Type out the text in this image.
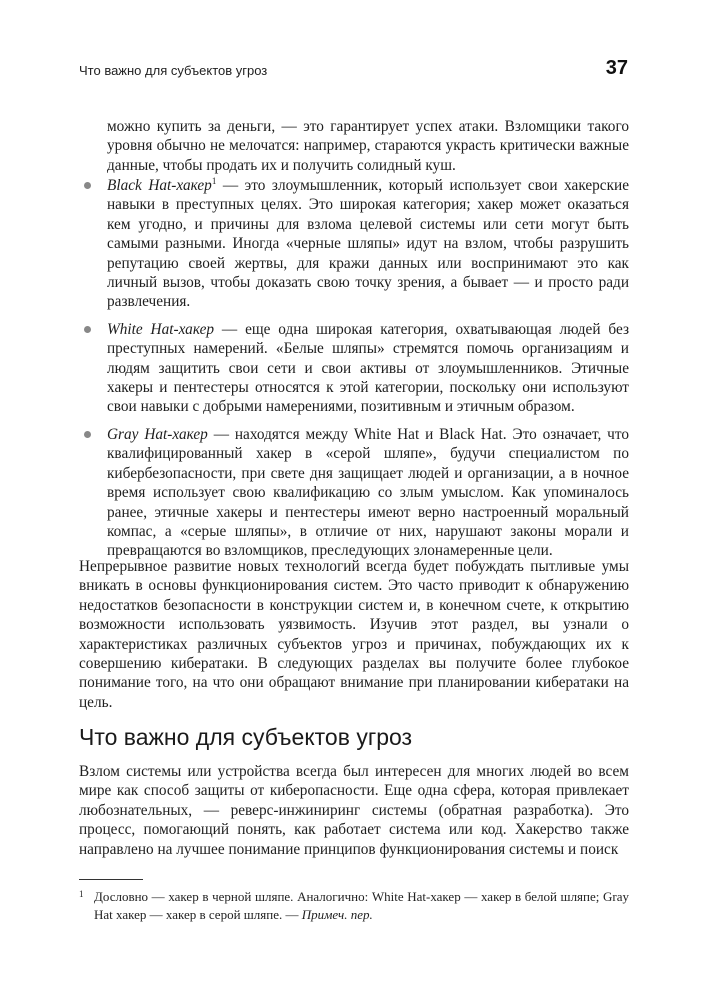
Что важно для субъектов угроз	37

можно купить за деньги, — это гарантирует успех атаки. Взломщики такого уровня обычно не мелочатся: например, стараются украсть критически важные данные, чтобы продать их и получить солидный куш.

Black Hat-хакер$^1$ — это злоумышленник, который использует свои хакерские навыки в преступных целях. Это широкая категория; хакер может оказаться кем угодно, и причины для взлома целевой системы или сети могут быть самыми разными. Иногда «черные шляпы» идут на взлом, чтобы разрушить репутацию своей жертвы, для кражи данных или воспринимают это как личный вызов, чтобы доказать свою точку зрения, а бывает — и просто ради развлечения.
White Hat-хакер — еще одна широкая категория, охватывающая людей без преступных намерений. «Белые шляпы» стремятся помочь организациям и людям защитить свои сети и свои активы от злоумышленников. Этичные хакеры и пентестеры относятся к этой категории, поскольку они используют свои навыки с добрыми намерениями, позитивным и этичным образом.
Gray Hat-хакер — находятся между White Hat и Black Hat. Это означает, что квалифицированный хакер в «серой шляпе», будучи специалистом по кибербезопасности, при свете дня защищает людей и организации, а в ночное время использует свою квалификацию со злым умыслом. Как упоминалось ранее, этичные хакеры и пентестеры имеют верно настроенный моральный компас, а «серые шляпы», в отличие от них, нарушают законы морали и превращаются во взломщиков, преследующих злонамеренные цели.

Непрерывное развитие новых технологий всегда будет побуждать пытливые умы вникать в основы функционирования систем. Это часто приводит к обнаружению недостатков безопасности в конструкции систем и, в конечном счете, к открытию возможности использовать уязвимость. Изучив этот раздел, вы узнали о характеристиках различных субъектов угроз и причинах, побуждающих их к совершению кибератаки. В следующих разделах вы получите более глубокое понимание того, на что они обращают внимание при планировании кибератаки на цель.

Что важно для субъектов угроз

Взлом системы или устройства всегда был интересен для многих людей во всем мире как способ защиты от киберопасности. Еще одна сфера, которая привлекает любознательных, — реверс-инжиниринг системы (обратная разработка). Это процесс, помогающий понять, как работает система или код. Хакерство также направлено на лучшее понимание принципов функционирования системы и поиск

1 Дословно — хакер в черной шляпе. Аналогично: White Hat-хакер — хакер в белой шляпе; Gray Hat хакер — хакер в серой шляпе. — Примеч. пер.
